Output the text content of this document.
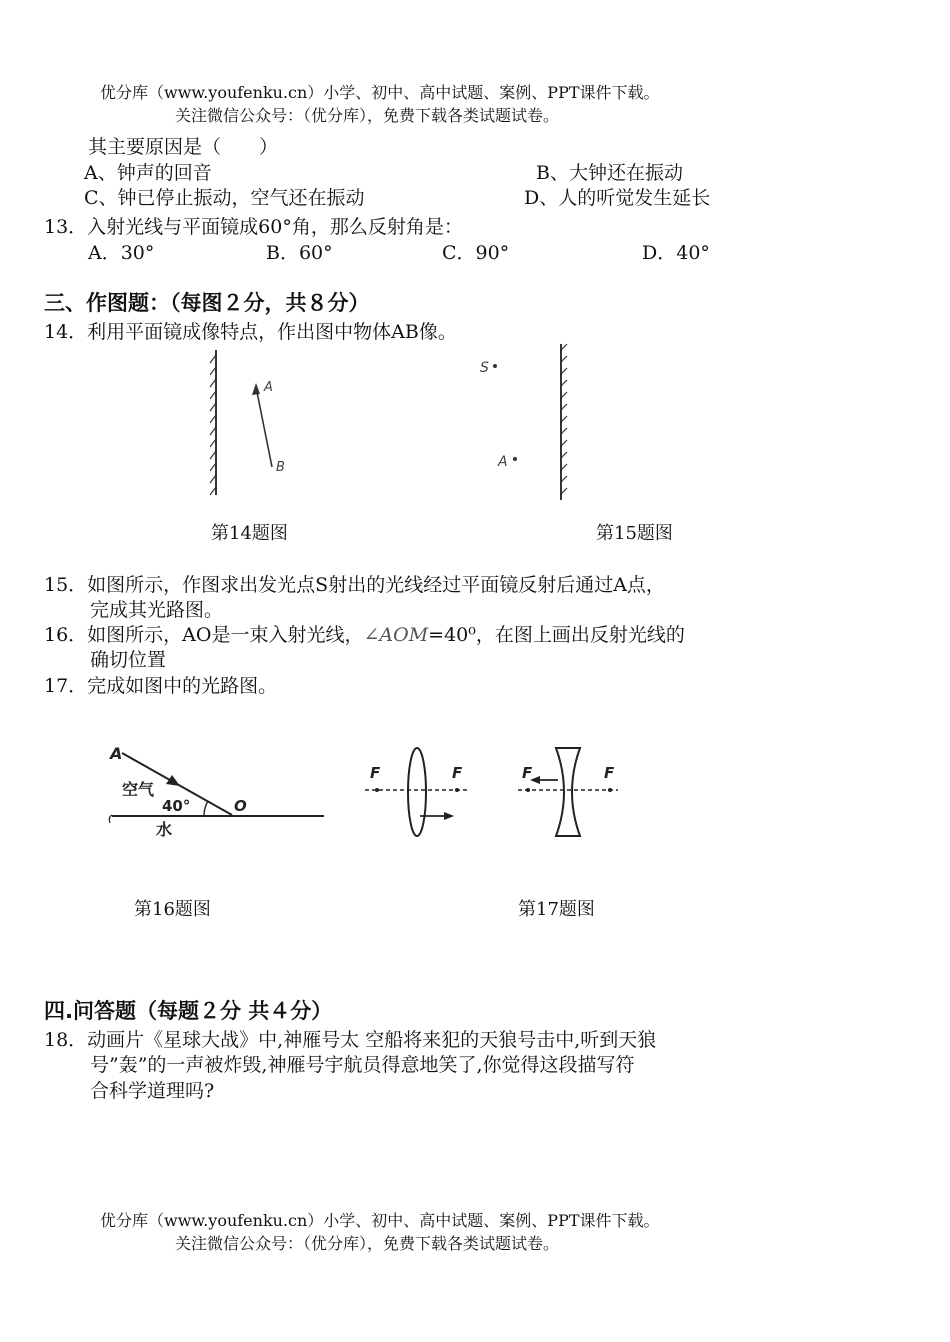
优分库（www.youfenku.cn）小学、初中、高中试题、案例、PPT课件下载。
关注微信公众号：（优分库），免费下载各类试题试卷。
其主要原因是（　　）
A、钟声的回音	B、大钟还在振动
C、钟已停止振动，空气还在振动	D、人的听觉发生延长
13．入射光线与平面镜成60°角，那么反射角是：
A．30°	B．60°	C．90°	D．40°
三、作图题：（每图２分，共８分）
14．利用平面镜成像特点，作出图中物体AB像。
A
B
S
A
第14题图	第15题图
15．如图所示，作图求出发光点S射出的光线经过平面镜反射后通过A点，
完成其光路图。
16．如图所示，AO是一束入射光线，∠AOM=40⁰，在图上画出反射光线的
确切位置
17．完成如图中的光路图。
A
空气
40°	O
水
F	F	F	F
第16题图	第17题图
四.问答题（每题２分 共４分）
18．动画片《星球大战》中,神雁号太 空船将来犯的天狼号击中,听到天狼
号”轰”的一声被炸毁,神雁号宇航员得意地笑了,你觉得这段描写符
合科学道理吗?
优分库（www.youfenku.cn）小学、初中、高中试题、案例、PPT课件下载。
关注微信公众号：（优分库），免费下载各类试题试卷。
